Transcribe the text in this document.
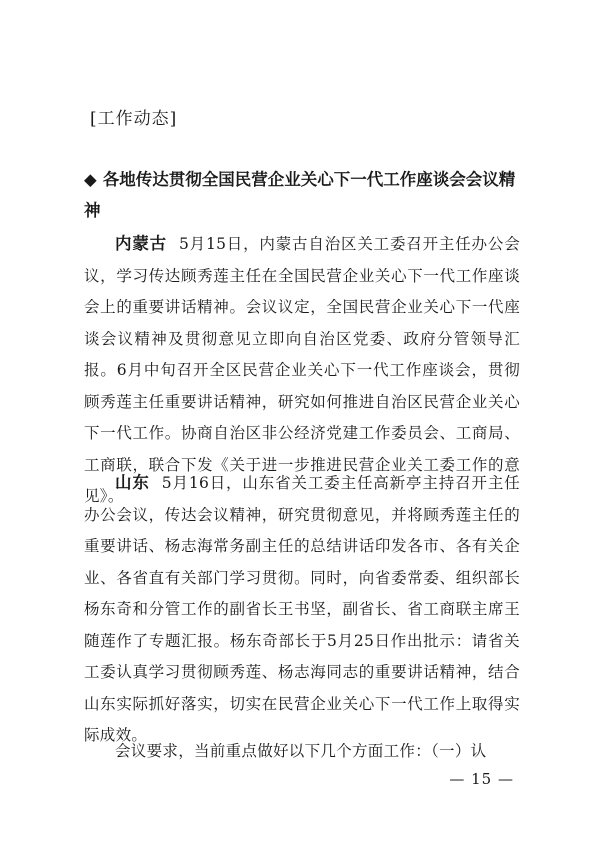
[工作动态]
◆ 各地传达贯彻全国民营企业关心下一代工作座谈会会议精神
内蒙古 5月15日，内蒙古自治区关工委召开主任办公会议，学习传达顾秀莲主任在全国民营企业关心下一代工作座谈会上的重要讲话精神。会议议定，全国民营企业关心下一代座谈会议精神及贯彻意见立即向自治区党委、政府分管领导汇报。6月中旬召开全区民营企业关心下一代工作座谈会，贯彻顾秀莲主任重要讲话精神，研究如何推进自治区民营企业关心下一代工作。协商自治区非公经济党建工作委员会、工商局、工商联，联合下发《关于进一步推进民营企业关工委工作的意见》。
山东 5月16日，山东省关工委主任高新亭主持召开主任办公会议，传达会议精神，研究贯彻意见，并将顾秀莲主任的重要讲话、杨志海常务副主任的总结讲话印发各市、各有关企业、各省直有关部门学习贯彻。同时，向省委常委、组织部长杨东奇和分管工作的副省长王书坚，副省长、省工商联主席王随莲作了专题汇报。杨东奇部长于5月25日作出批示：请省关工委认真学习贯彻顾秀莲、杨志海同志的重要讲话精神，结合山东实际抓好落实，切实在民营企业关心下一代工作上取得实际成效。
会议要求，当前重点做好以下几个方面工作：（一）认
— 15 —
